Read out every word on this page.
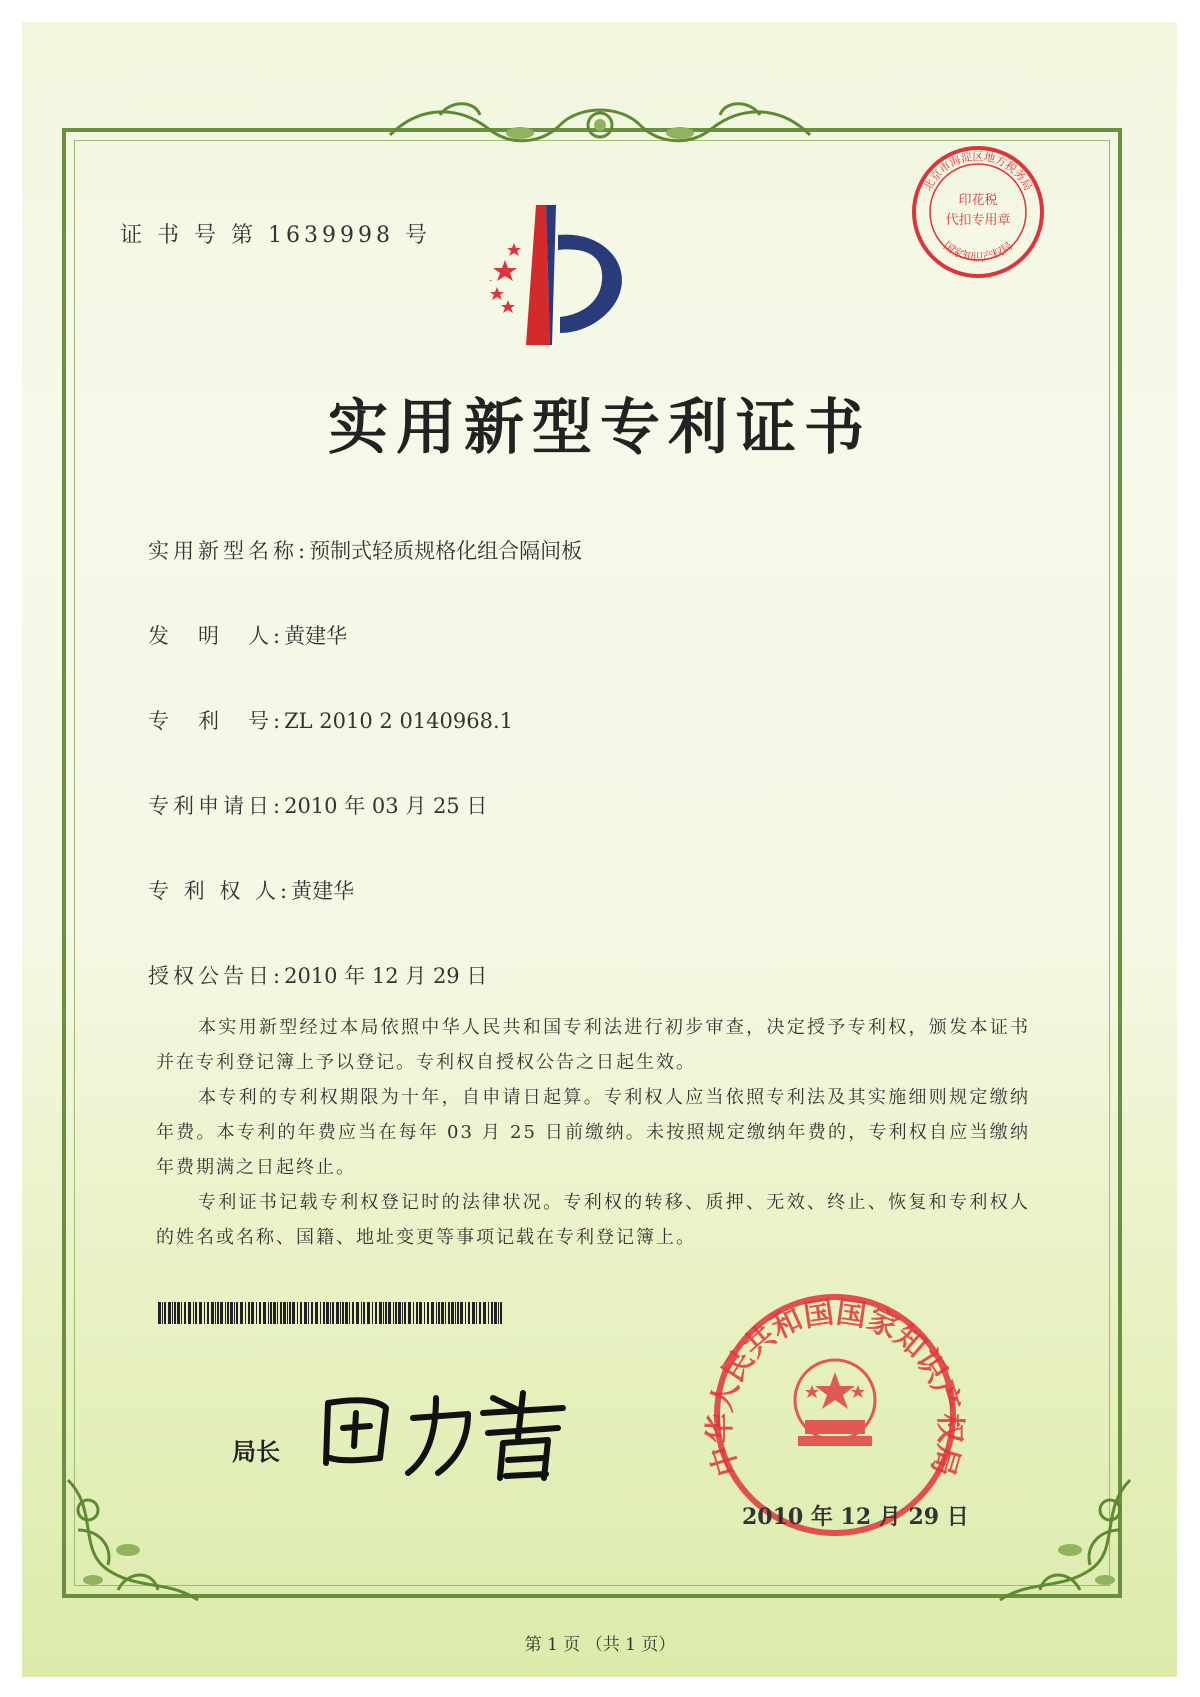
证 书 号 第 1639998 号
印花税
代扣专用章
北京市海淀区地方税务局
国家知识产权局
实用新型专利证书
实用新型名称:预制式轻质规格化组合隔间板
发　明　人:黄建华
专　利　号:ZL 2010 2 0140968.1
专利申请日:2010 年 03 月 25 日
专 利 权 人:黄建华
授权公告日:2010 年 12 月 29 日

本实用新型经过本局依照中华人民共和国专利法进行初步审查，决定授予专利权，颁发本证书并在专利登记簿上予以登记。专利权自授权公告之日起生效。

本专利的专利权期限为十年，自申请日起算。专利权人应当依照专利法及其实施细则规定缴纳年费。本专利的年费应当在每年 03 月 25 日前缴纳。未按照规定缴纳年费的，专利权自应当缴纳年费期满之日起终止。

专利证书记载专利权登记时的法律状况。专利权的转移、质押、无效、终止、恢复和专利权人的姓名或名称、国籍、地址变更等事项记载在专利登记簿上。

局长	中华人民共和国国家知识产权局
2010 年 12 月 29 日
第 1 页 （共 1 页）
